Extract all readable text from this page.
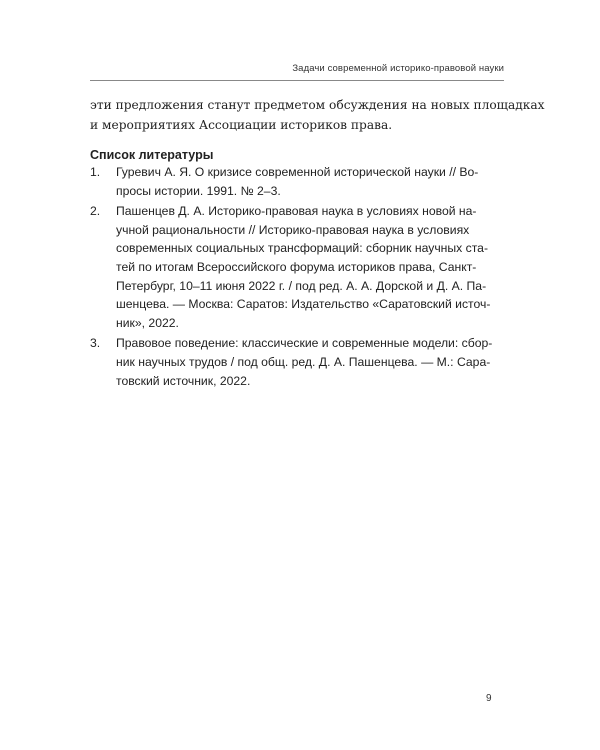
Задачи современной историко-правовой науки

эти предложения станут предметом обсуждения на новых площадках
и мероприятиях Ассоциации историков права.

Список литературы
1. Гуревич А. Я. О кризисе современной исторической науки // Во-
просы истории. 1991. № 2–3.
2. Пашенцев Д. А. Историко-правовая наука в условиях новой на-
учной рациональности // Историко-правовая наука в условиях
современных социальных трансформаций: сборник научных ста-
тей по итогам Всероссийского форума историков права, Санкт-
Петербург, 10–11 июня 2022 г. / под ред. А. А. Дорской и Д. А. Па-
шенцева. — Москва: Саратов: Издательство «Саратовский источ-
ник», 2022.
3. Правовое поведение: классические и современные модели: сбор-
ник научных трудов / под общ. ред. Д. А. Пашенцева. — М.: Сара-
товский источник, 2022.
9
